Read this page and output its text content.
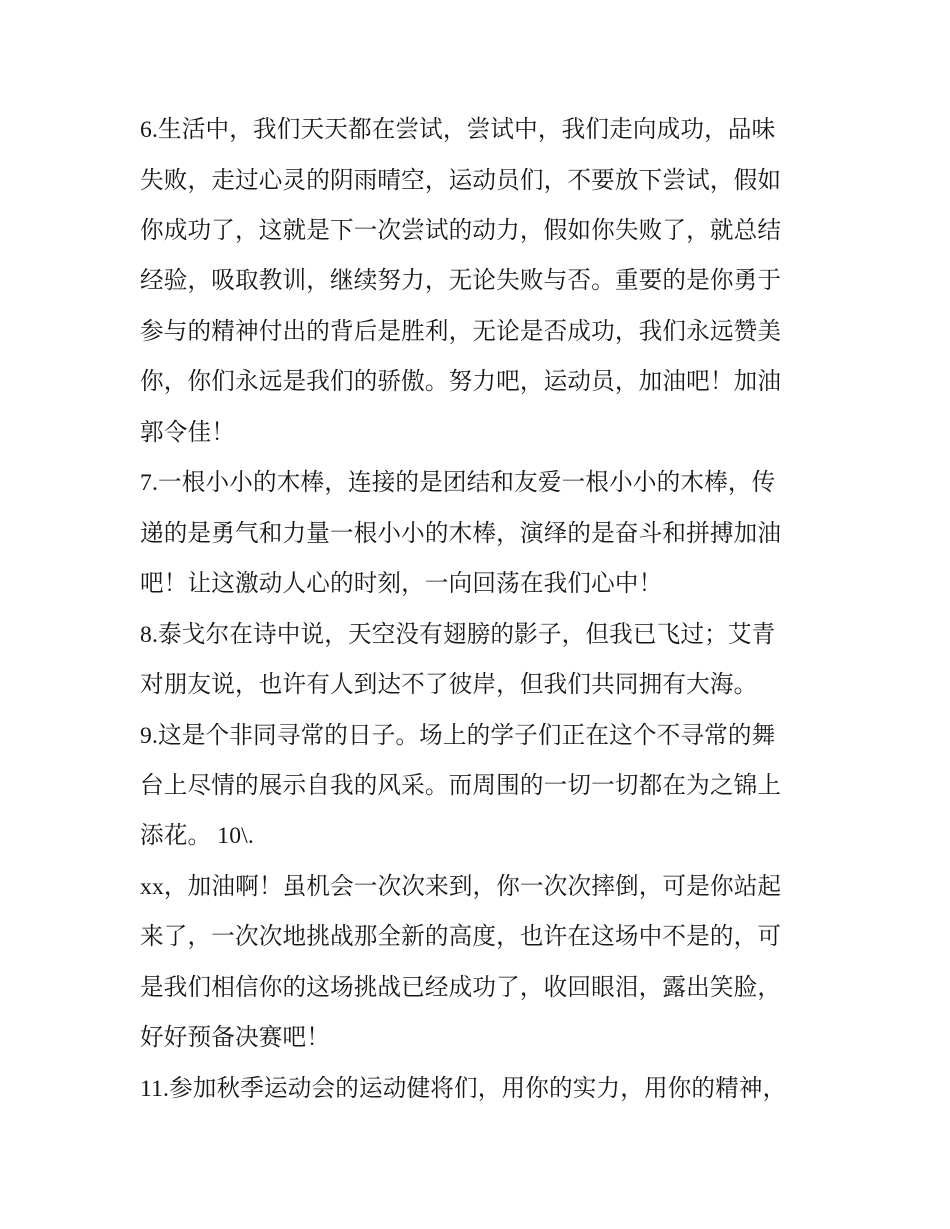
6.生活中，我们天天都在尝试，尝试中，我们走向成功，品味
失败，走过心灵的阴雨晴空，运动员们，不要放下尝试，假如
你成功了，这就是下一次尝试的动力，假如你失败了，就总结
经验，吸取教训，继续努力，无论失败与否。重要的是你勇于
参与的精神付出的背后是胜利，无论是否成功，我们永远赞美
你，你们永远是我们的骄傲。努力吧，运动员，加油吧！加油
郭令佳！
7.一根小小的木棒，连接的是团结和友爱一根小小的木棒，传
递的是勇气和力量一根小小的木棒，演绎的是奋斗和拼搏加油
吧！让这激动人心的时刻，一向回荡在我们心中！
8.泰戈尔在诗中说，天空没有翅膀的影子，但我已飞过；艾青
对朋友说，也许有人到达不了彼岸，但我们共同拥有大海。
9.这是个非同寻常的日子。场上的学子们正在这个不寻常的舞
台上尽情的展示自我的风采。而周围的一切一切都在为之锦上
添花。 10\.
xx，加油啊！虽机会一次次来到，你一次次摔倒，可是你站起
来了，一次次地挑战那全新的高度，也许在这场中不是的，可
是我们相信你的这场挑战已经成功了，收回眼泪，露出笑脸，
好好预备决赛吧！
11.参加秋季运动会的运动健将们，用你的实力，用你的精神，
